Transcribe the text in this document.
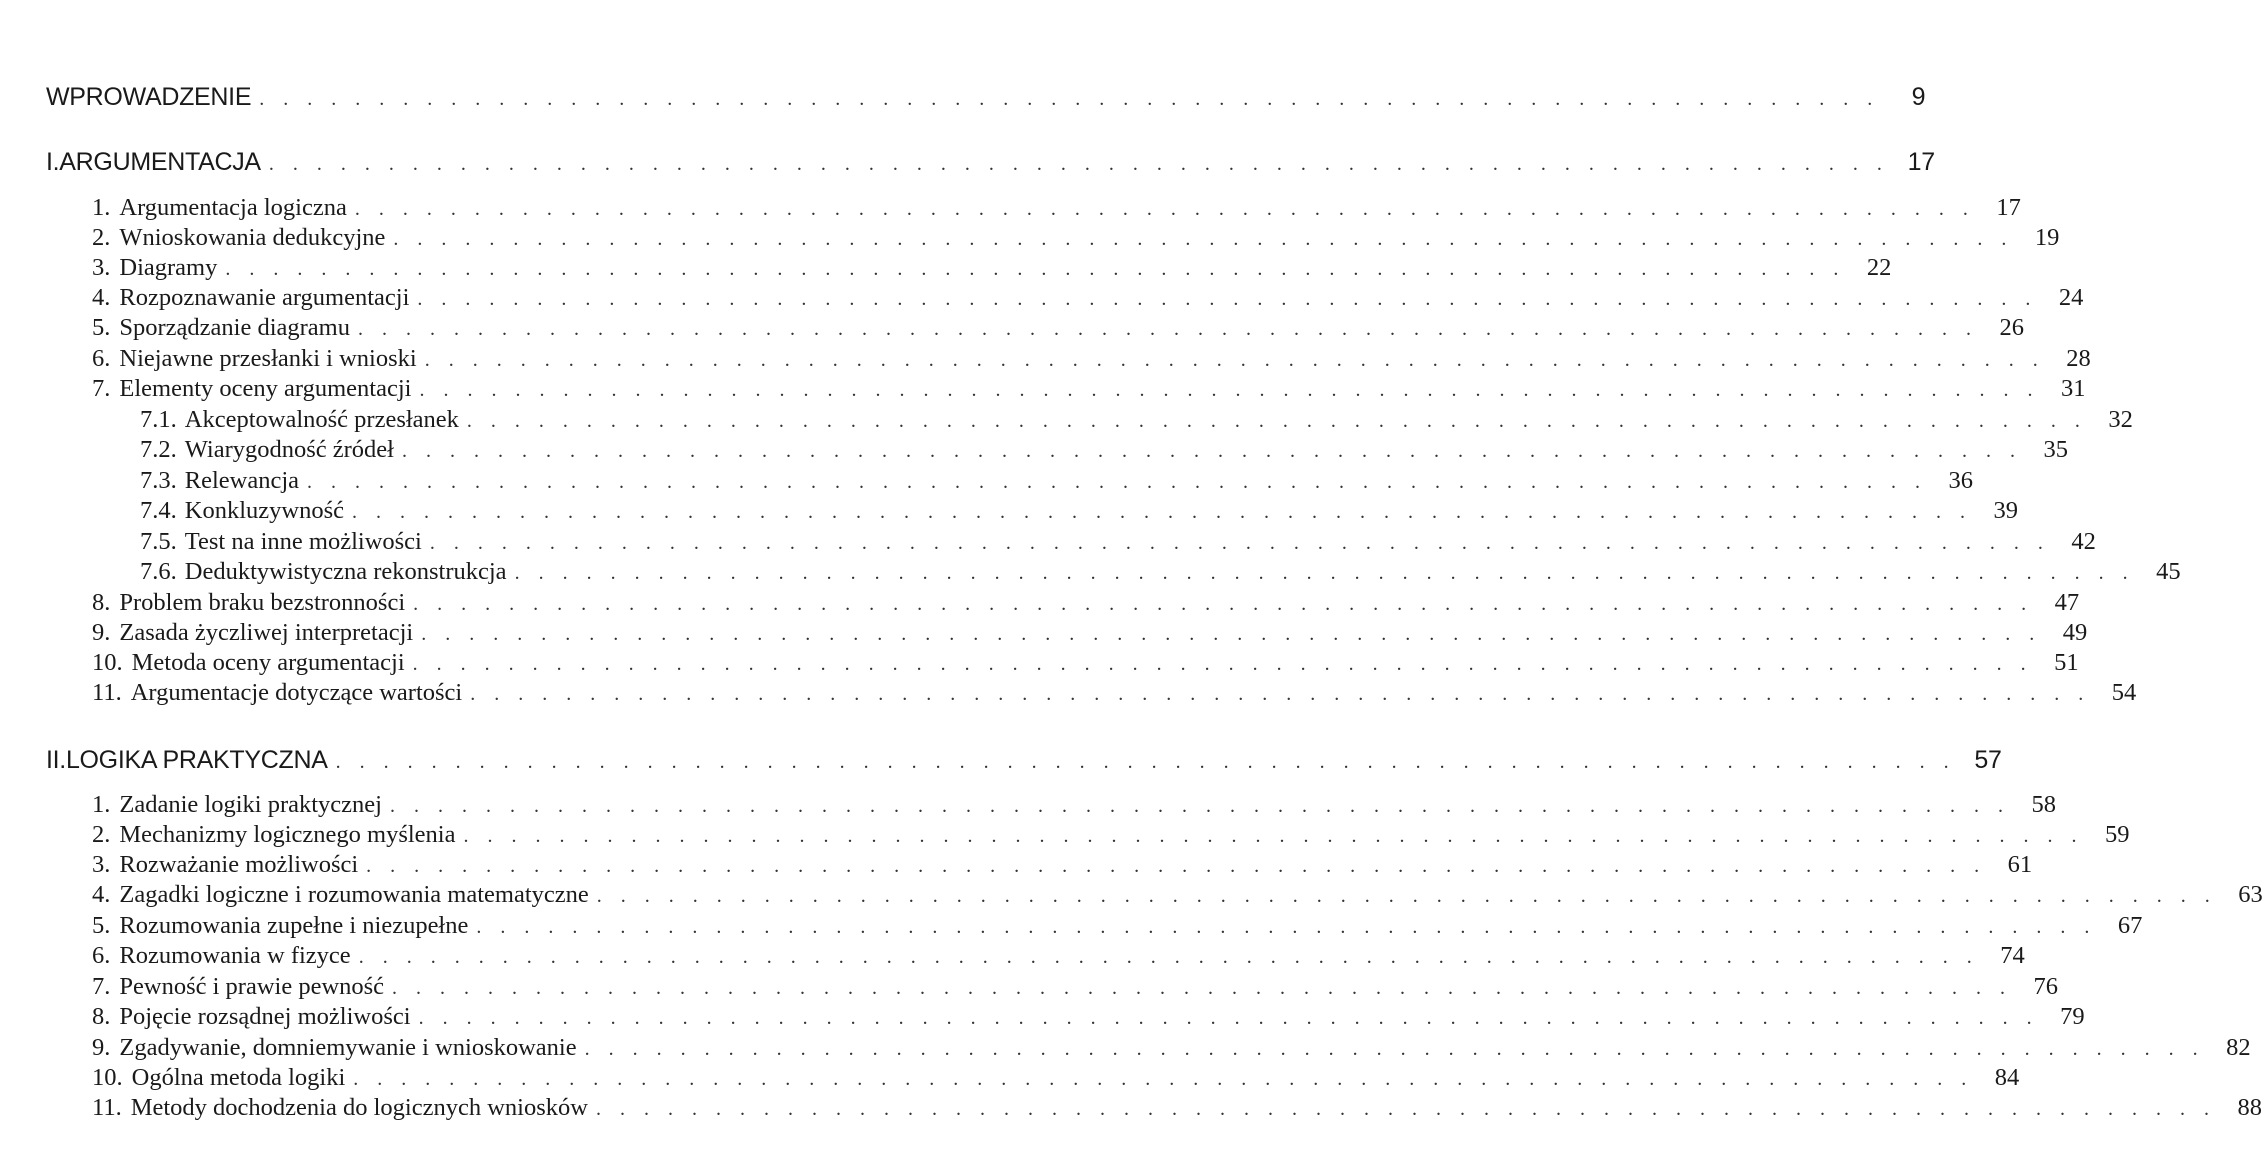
WPROWADZENIE . . . . . . . . . . . . . . . . . . . . . . . . . . . . . . . . . . . . . . . . . . . . . . . . . . . . . . . . . . . . . . . . . . . .	9
I. ARGUMENTACJA . . . . . . . . . . . . . . . . . . . . . . . . . . . . . . . . . . . . . . . . . . . . . . . . . . . . . . . . . . . . . . . . . . . . 17
1. Argumentacja logiczna . . . . . . . . . . . . . . . . . . . . . . . . . . . . . . . . . . . . . . . . . . . . . . . . . . . . . . . . . . . . . . . . . . . . 17
2. Wnioskowania dedukcyjne . . . . . . . . . . . . . . . . . . . . . . . . . . . . . . . . . . . . . . . . . . . . . . . . . . . . . . . . . . . . . . . . . . . . 19
3. Diagramy . . . . . . . . . . . . . . . . . . . . . . . . . . . . . . . . . . . . . . . . . . . . . . . . . . . . . . . . . . . . . . . . . . . . 22
4. Rozpoznawanie argumentacji . . . . . . . . . . . . . . . . . . . . . . . . . . . . . . . . . . . . . . . . . . . . . . . . . . . . . . . . . . . . . . . . . . . . 24
5. Sporządzanie diagramu . . . . . . . . . . . . . . . . . . . . . . . . . . . . . . . . . . . . . . . . . . . . . . . . . . . . . . . . . . . . . . . . . . . . 26
6. Niejawne przesłanki i wnioski . . . . . . . . . . . . . . . . . . . . . . . . . . . . . . . . . . . . . . . . . . . . . . . . . . . . . . . . . . . . . . . . . . . . 28
7. Elementy oceny argumentacji . . . . . . . . . . . . . . . . . . . . . . . . . . . . . . . . . . . . . . . . . . . . . . . . . . . . . . . . . . . . . . . . . . . . 31
7.1. Akceptowalność przesłanek . . . . . . . . . . . . . . . . . . . . . . . . . . . . . . . . . . . . . . . . . . . . . . . . . . . . . . . . . . . . . . . . . . . . 32
7.2. Wiarygodność źródeł . . . . . . . . . . . . . . . . . . . . . . . . . . . . . . . . . . . . . . . . . . . . . . . . . . . . . . . . . . . . . . . . . . . . 35
7.3. Relewancja . . . . . . . . . . . . . . . . . . . . . . . . . . . . . . . . . . . . . . . . . . . . . . . . . . . . . . . . . . . . . . . . . . . . 36
7.4. Konkluzywność . . . . . . . . . . . . . . . . . . . . . . . . . . . . . . . . . . . . . . . . . . . . . . . . . . . . . . . . . . . . . . . . . . . . 39
7.5. Test na inne możliwości . . . . . . . . . . . . . . . . . . . . . . . . . . . . . . . . . . . . . . . . . . . . . . . . . . . . . . . . . . . . . . . . . . . . 42
7.6. Deduktywistyczna rekonstrukcja . . . . . . . . . . . . . . . . . . . . . . . . . . . . . . . . . . . . . . . . . . . . . . . . . . . . . . . . . . . . . . . . . . . . 45
8. Problem braku bezstronności . . . . . . . . . . . . . . . . . . . . . . . . . . . . . . . . . . . . . . . . . . . . . . . . . . . . . . . . . . . . . . . . . . . . 47
9. Zasada życzliwej interpretacji . . . . . . . . . . . . . . . . . . . . . . . . . . . . . . . . . . . . . . . . . . . . . . . . . . . . . . . . . . . . . . . . . . . . 49
10. Metoda oceny argumentacji . . . . . . . . . . . . . . . . . . . . . . . . . . . . . . . . . . . . . . . . . . . . . . . . . . . . . . . . . . . . . . . . . . . . 51
11. Argumentacje dotyczące wartości . . . . . . . . . . . . . . . . . . . . . . . . . . . . . . . . . . . . . . . . . . . . . . . . . . . . . . . . . . . . . . . . . . . . 54
II. LOGIKA PRAKTYCZNA . . . . . . . . . . . . . . . . . . . . . . . . . . . . . . . . . . . . . . . . . . . . . . . . . . . . . . . . . . . . . . . . . . . . 57
1. Zadanie logiki praktycznej . . . . . . . . . . . . . . . . . . . . . . . . . . . . . . . . . . . . . . . . . . . . . . . . . . . . . . . . . . . . . . . . . . . . 58
2. Mechanizmy logicznego myślenia . . . . . . . . . . . . . . . . . . . . . . . . . . . . . . . . . . . . . . . . . . . . . . . . . . . . . . . . . . . . . . . . . . . . 59
3. Rozważanie możliwości . . . . . . . . . . . . . . . . . . . . . . . . . . . . . . . . . . . . . . . . . . . . . . . . . . . . . . . . . . . . . . . . . . . . 61
4. Zagadki logiczne i rozumowania matematyczne . . . . . . . . . . . . . . . . . . . . . . . . . . . . . . . . . . . . . . . . . . . . . . . . . . . . . . . . . . . . . . . . . . . . 63
5. Rozumowania zupełne i niezupełne . . . . . . . . . . . . . . . . . . . . . . . . . . . . . . . . . . . . . . . . . . . . . . . . . . . . . . . . . . . . . . . . . . . . 67
6. Rozumowania w fizyce . . . . . . . . . . . . . . . . . . . . . . . . . . . . . . . . . . . . . . . . . . . . . . . . . . . . . . . . . . . . . . . . . . . . 74
7. Pewność i prawie pewność . . . . . . . . . . . . . . . . . . . . . . . . . . . . . . . . . . . . . . . . . . . . . . . . . . . . . . . . . . . . . . . . . . . . 76
8. Pojęcie rozsądnej możliwości . . . . . . . . . . . . . . . . . . . . . . . . . . . . . . . . . . . . . . . . . . . . . . . . . . . . . . . . . . . . . . . . . . . . 79
9. Zgadywanie, domniemywanie i wnioskowanie . . . . . . . . . . . . . . . . . . . . . . . . . . . . . . . . . . . . . . . . . . . . . . . . . . . . . . . . . . . . . . . . . . . . 82
10. Ogólna metoda logiki . . . . . . . . . . . . . . . . . . . . . . . . . . . . . . . . . . . . . . . . . . . . . . . . . . . . . . . . . . . . . . . . . . . . 84
11. Metody dochodzenia do logicznych wniosków . . . . . . . . . . . . . . . . . . . . . . . . . . . . . . . . . . . . . . . . . . . . . . . . . . . . . . . . . . . . . . . . . . . . 88
